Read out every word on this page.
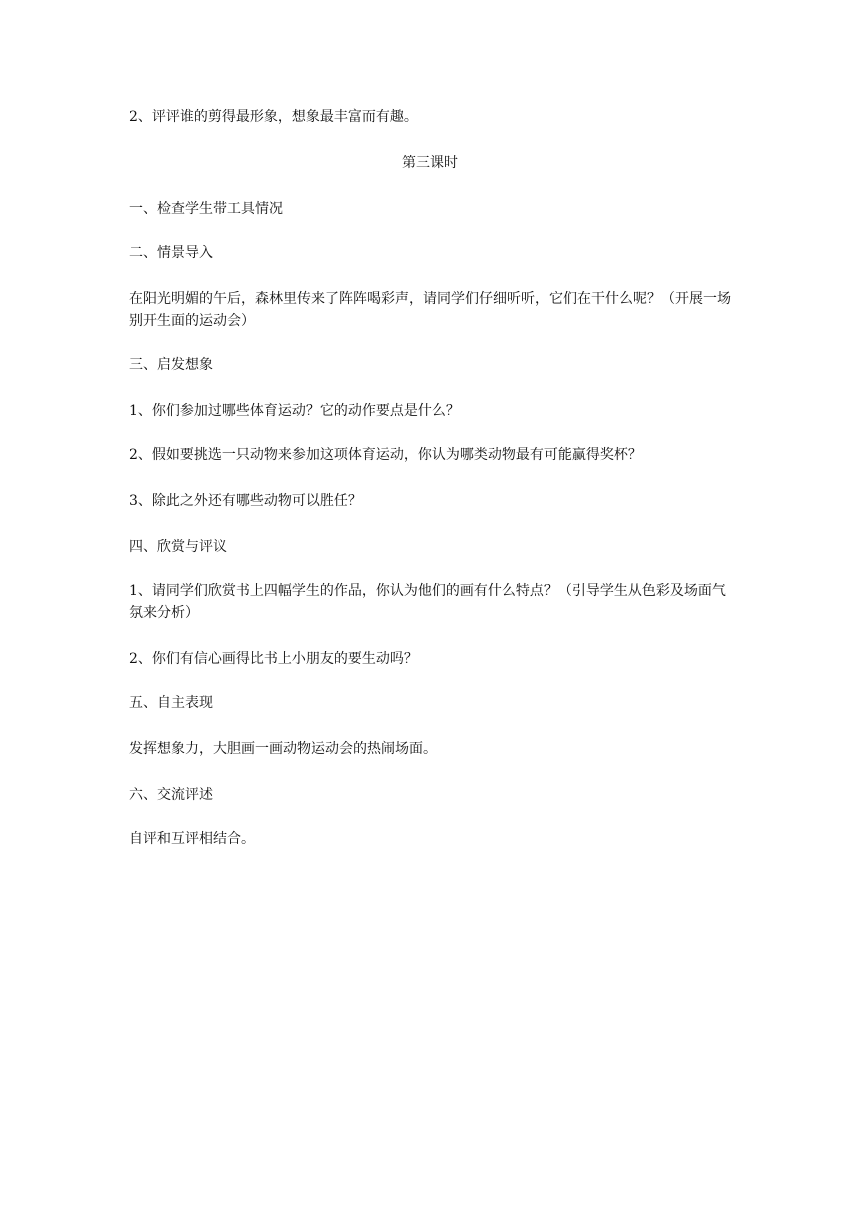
2、评评谁的剪得最形象，想象最丰富而有趣。

第三课时

一、检查学生带工具情况

二、情景导入

在阳光明媚的午后，森林里传来了阵阵喝彩声，请同学们仔细听听，它们在干什么呢？（开展一场别开生面的运动会）

三、启发想象

1、你们参加过哪些体育运动？它的动作要点是什么？

2、假如要挑选一只动物来参加这项体育运动，你认为哪类动物最有可能赢得奖杯？

3、除此之外还有哪些动物可以胜任？

四、欣赏与评议

1、请同学们欣赏书上四幅学生的作品，你认为他们的画有什么特点？（引导学生从色彩及场面气氛来分析）

2、你们有信心画得比书上小朋友的要生动吗？

五、自主表现

发挥想象力，大胆画一画动物运动会的热闹场面。

六、交流评述

自评和互评相结合。
